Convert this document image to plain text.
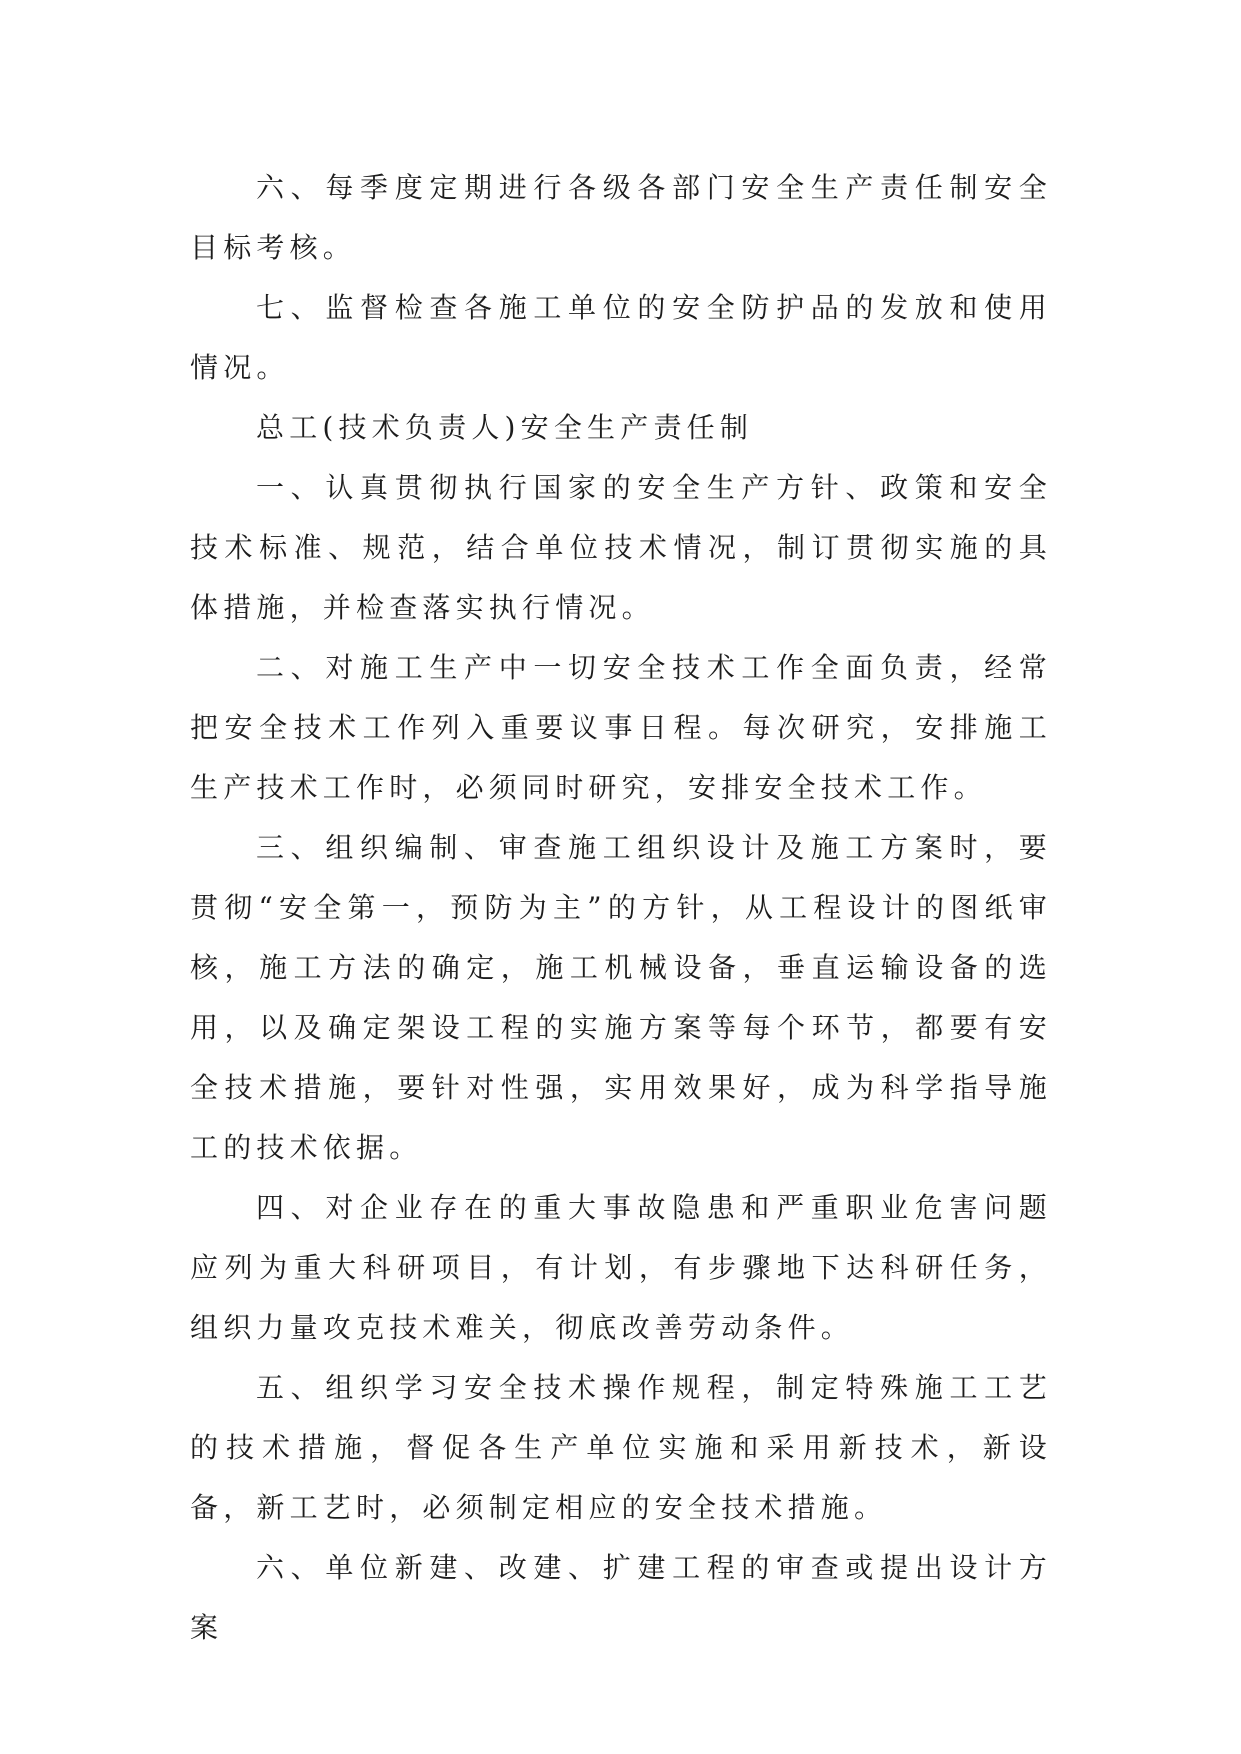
六、每季度定期进行各级各部门安全生产责任制安全目标考核。

七、监督检查各施工单位的安全防护品的发放和使用情况。

总工(技术负责人)安全生产责任制

一、认真贯彻执行国家的安全生产方针、政策和安全技术标准、规范，结合单位技术情况，制订贯彻实施的具体措施，并检查落实执行情况。

二、对施工生产中一切安全技术工作全面负责，经常把安全技术工作列入重要议事日程。每次研究，安排施工生产技术工作时，必须同时研究，安排安全技术工作。

三、组织编制、审查施工组织设计及施工方案时，要贯彻“安全第一，预防为主”的方针，从工程设计的图纸审核，施工方法的确定，施工机械设备，垂直运输设备的选用，以及确定架设工程的实施方案等每个环节，都要有安全技术措施，要针对性强，实用效果好，成为科学指导施工的技术依据。

四、对企业存在的重大事故隐患和严重职业危害问题应列为重大科研项目，有计划，有步骤地下达科研任务，组织力量攻克技术难关，彻底改善劳动条件。

五、组织学习安全技术操作规程，制定特殊施工工艺的技术措施，督促各生产单位实施和采用新技术，新设备，新工艺时，必须制定相应的安全技术措施。

六、单位新建、改建、扩建工程的审查或提出设计方案
